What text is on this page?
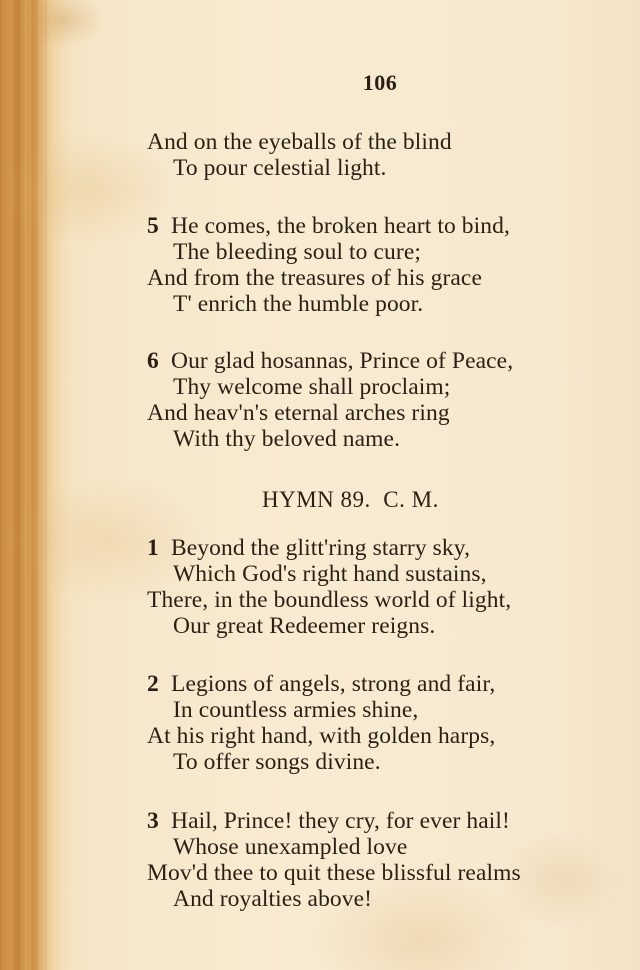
106
And on the eyeballs of the blind
To pour celestial light.
5 He comes, the broken heart to bind,
The bleeding soul to cure;
And from the treasures of his grace
T' enrich the humble poor.
6 Our glad hosannas, Prince of Peace,
Thy welcome shall proclaim;
And heav'n's eternal arches ring
With thy beloved name.
HYMN 89. C. M.
1 Beyond the glitt'ring starry sky,
Which God's right hand sustains,
There, in the boundless world of light,
Our great Redeemer reigns.
2 Legions of angels, strong and fair,
In countless armies shine,
At his right hand, with golden harps,
To offer songs divine.
3 Hail, Prince! they cry, for ever hail!
Whose unexampled love
Mov'd thee to quit these blissful realms
And royalties above!
